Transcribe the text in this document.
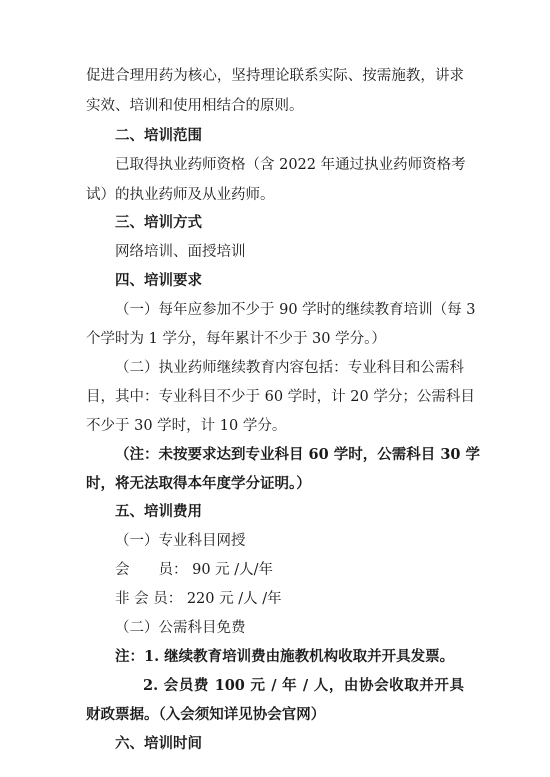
促进合理用药为核心，坚持理论联系实际、按需施教，讲求

实效、培训和使用相结合的原则。

二、培训范围

已取得执业药师资格（含 2022 年通过执业药师资格考

试）的执业药师及从业药师。

三、培训方式

网络培训、面授培训

四、培训要求

（一）每年应参加不少于 90 学时的继续教育培训（每 3

个学时为 1 学分，每年累计不少于 30 学分。）

（二）执业药师继续教育内容包括：专业科目和公需科

目，其中：专业科目不少于 60 学时，计 20 学分；公需科目

不少于 30 学时，计 10 学分。

（注：未按要求达到专业科目 60 学时，公需科目 30 学

时，将无法取得本年度学分证明。）

五、培训费用

（一）专业科目网授

会　　员： 90 元 /人/年

非 会 员： 220 元 /人 /年

（二）公需科目免费

注：1. 继续教育培训费由施教机构收取并开具发票。

2. 会员费 100 元 / 年 / 人，由协会收取并开具

财政票据。（入会须知详见协会官网）

六、培训时间
